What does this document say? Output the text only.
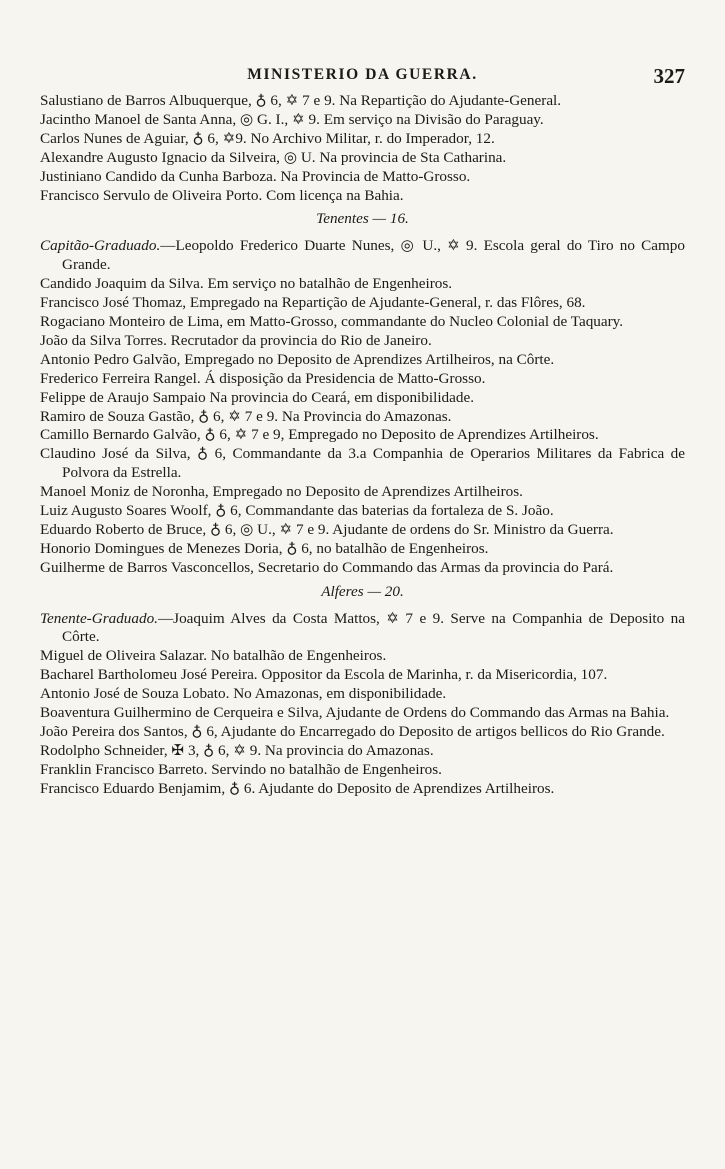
MINISTERIO DA GUERRA.	327
Salustiano de Barros Albuquerque, ♁ 6, ✡ 7 e 9. Na Repartição do Ajudante-General.
Jacintho Manoel de Santa Anna, ◎ G. I., ✡ 9. Em serviço na Divisão do Paraguay.
Carlos Nunes de Aguiar, ♁ 6, ✡9. No Archivo Militar, r. do Imperador, 12.
Alexandre Augusto Ignacio da Silveira, ◎ U. Na provincia de Sta Catharina.
Justiniano Candido da Cunha Barboza. Na Provincia de Matto-Grosso.
Francisco Servulo de Oliveira Porto. Com licença na Bahia.
Tenentes — 16.
Capitão-Graduado.—Leopoldo Frederico Duarte Nunes, ◎ U., ✡ 9. Escola geral do Tiro no Campo Grande.
Candido Joaquim da Silva. Em serviço no batalhão de Engenheiros.
Francisco José Thomaz, Empregado na Repartição de Ajudante-General, r. das Flôres, 68.
Rogaciano Monteiro de Lima, em Matto-Grosso, commandante do Nucleo Colonial de Taquary.
João da Silva Torres. Recrutador da provincia do Rio de Janeiro.
Antonio Pedro Galvão, Empregado no Deposito de Aprendizes Artilheiros, na Côrte.
Frederico Ferreira Rangel. Á disposição da Presidencia de Matto-Grosso.
Felippe de Araujo Sampaio Na provincia do Ceará, em disponibilidade.
Ramiro de Souza Gastão, ♁ 6, ✡ 7 e 9. Na Provincia do Amazonas.
Camillo Bernardo Galvão, ♁ 6, ✡ 7 e 9, Empregado no Deposito de Aprendizes Artilheiros.
Claudino José da Silva, ♁ 6, Commandante da 3.a Companhia de Operarios Militares da Fabrica de Polvora da Estrella.
Manoel Moniz de Noronha, Empregado no Deposito de Aprendizes Artilheiros.
Luiz Augusto Soares Woolf, ♁ 6, Commandante das baterias da fortaleza de S. João.
Eduardo Roberto de Bruce, ♁ 6, ◎ U., ✡ 7 e 9. Ajudante de ordens do Sr. Ministro da Guerra.
Honorio Domingues de Menezes Doria, ♁ 6, no batalhão de Engenheiros.
Guilherme de Barros Vasconcellos, Secretario do Commando das Armas da provincia do Pará.
Alferes — 20.
Tenente-Graduado.—Joaquim Alves da Costa Mattos, ✡ 7 e 9. Serve na Companhia de Deposito na Côrte.
Miguel de Oliveira Salazar. No batalhão de Engenheiros.
Bacharel Bartholomeu José Pereira. Oppositor da Escola de Marinha, r. da Misericordia, 107.
Antonio José de Souza Lobato. No Amazonas, em disponibilidade.
Boaventura Guilhermino de Cerqueira e Silva, Ajudante de Ordens do Commando das Armas na Bahia.
João Pereira dos Santos, ♁ 6, Ajudante do Encarregado do Deposito de artigos bellicos do Rio Grande.
Rodolpho Schneider, ✠ 3, ♁ 6, ✡ 9. Na provincia do Amazonas.
Franklin Francisco Barreto. Servindo no batalhão de Engenheiros.
Francisco Eduardo Benjamim, ♁ 6. Ajudante do Deposito de Aprendizes Artilheiros.
